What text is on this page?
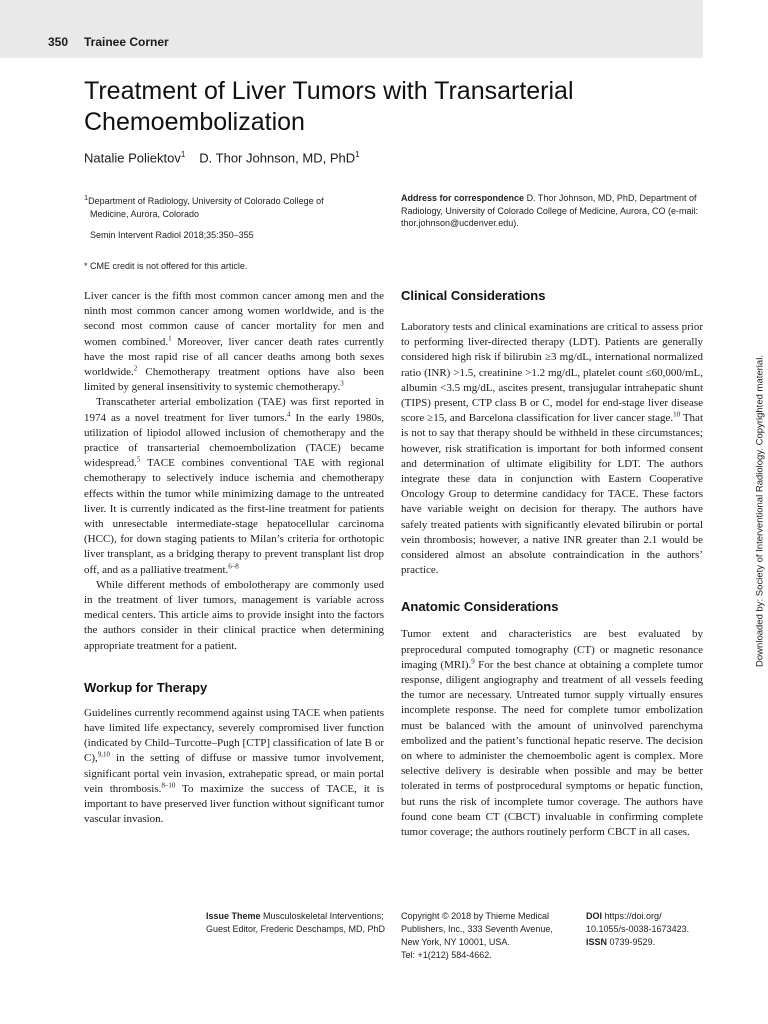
350 Trainee Corner
Treatment of Liver Tumors with Transarterial Chemoembolization
Natalie Poliektov$^1$ D. Thor Johnson, MD, PhD$^1$
$^1$Department of Radiology, University of Colorado College of
Medicine, Aurora, Colorado
Semin Intervent Radiol 2018;35:350–355
* CME credit is not offered for this article.
Address for correspondence D. Thor Johnson, MD, PhD, Department of Radiology, University of Colorado College of Medicine, Aurora, CO (e-mail: thor.johnson@ucdenver.edu).

Liver cancer is the fifth most common cancer among men and the ninth most common cancer among women worldwide, and is the second most common cause of cancer mortality for men and women combined.$^1$ Moreover, liver cancer death rates currently have the most rapid rise of all cancer deaths among both sexes worldwide.$^2$ Chemotherapy treatment options have also been limited by general insensitivity to systemic chemotherapy.$^3$

Transcatheter arterial embolization (TAE) was first reported in 1974 as a novel treatment for liver tumors.$^4$ In the early 1980s, utilization of lipiodol allowed inclusion of chemotherapy and the practice of transarterial chemoembolization (TACE) became widespread.$^5$ TACE combines conventional TAE with regional chemotherapy to selectively induce ischemia and chemotherapy effects within the tumor while minimizing damage to the untreated liver. It is currently indicated as the first-line treatment for patients with unresectable intermediate-stage hepatocellular carcinoma (HCC), for down staging patients to Milan’s criteria for orthotopic liver transplant, as a bridging therapy to prevent transplant list drop off, and as a palliative treatment.$^{6-8}$

While different methods of embolotherapy are commonly used in the treatment of liver tumors, management is variable across medical centers. This article aims to provide insight into the factors the authors consider in their clinical practice when determining appropriate treatment for a patient.

Workup for Therapy

Guidelines currently recommend against using TACE when patients have limited life expectancy, severely compromised liver function (indicated by Child–Turcotte–Pugh [CTP] classification of late B or C),$^{9,10}$ in the setting of diffuse or massive tumor involvement, significant portal vein invasion, extrahepatic spread, or main portal vein thrombosis.$^{8-10}$ To maximize the success of TACE, it is important to have preserved liver function without significant tumor vascular invasion.

Clinical Considerations

Laboratory tests and clinical examinations are critical to assess prior to performing liver-directed therapy (LDT). Patients are generally considered high risk if bilirubin ≥3 mg/dL, international normalized ratio (INR) >1.5, creatinine >1.2 mg/dL, platelet count ≤60,000/mL, albumin <3.5 mg/dL, ascites present, transjugular intrahepatic shunt (TIPS) present, CTP class B or C, model for end-stage liver disease score ≥15, and Barcelona classification for liver cancer stage.$^{10}$ That is not to say that therapy should be withheld in these circumstances; however, risk stratification is important for both informed consent and determination of ultimate eligibility for LDT. The authors integrate these data in conjunction with Eastern Cooperative Oncology Group to determine candidacy for TACE. These factors have variable weight on decision for therapy. The authors have safely treated patients with significantly elevated bilirubin or portal vein thrombosis; however, a native INR greater than 2.1 would be considered almost an absolute contraindication in the authors’ practice.

Anatomic Considerations

Tumor extent and characteristics are best evaluated by preprocedural computed tomography (CT) or magnetic resonance imaging (MRI).$^9$ For the best chance at obtaining a complete tumor response, diligent angiography and treatment of all vessels feeding the tumor are necessary. Untreated tumor supply virtually ensures incomplete response. The need for complete tumor embolization must be balanced with the amount of uninvolved parenchyma embolized and the patient’s functional hepatic reserve. The decision on where to administer the chemoembolic agent is complex. More selective delivery is desirable when possible and may be better tolerated in terms of postprocedural symptoms or hepatic function, but runs the risk of incomplete tumor coverage. The authors have found cone beam CT (CBCT) invaluable in confirming complete tumor coverage; the authors routinely perform CBCT in all cases.

Downloaded by: Society of Interventional Radiology. Copyrighted material.
Issue Theme Musculoskeletal Interventions; Guest Editor, Frederic Deschamps, MD, PhD
Copyright © 2018 by Thieme Medical
Publishers, Inc., 333 Seventh Avenue,
New York, NY 10001, USA.
Tel: +1(212) 584-4662.
DOI https://doi.org/
10.1055/s-0038-1673423.
ISSN 0739-9529.
